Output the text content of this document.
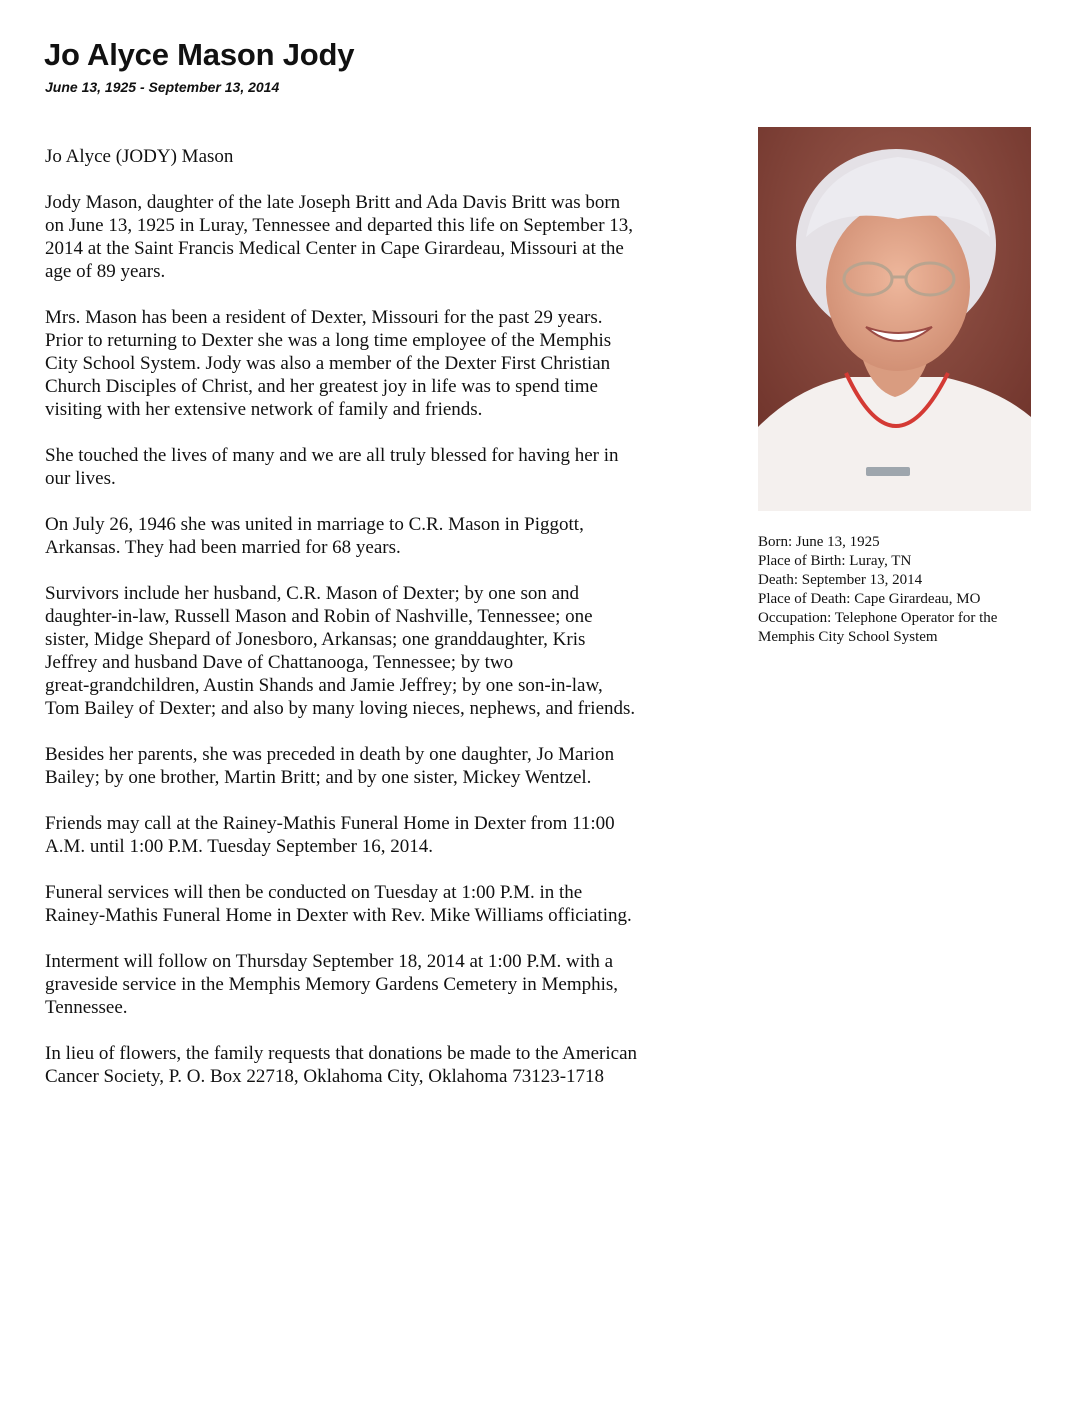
Jo Alyce Mason Jody
June 13, 1925 - September 13, 2014

Jo Alyce (JODY) Mason

Jody Mason, daughter of the late Joseph Britt and Ada Davis Britt was born
on June 13, 1925 in Luray, Tennessee and departed this life on September 13,
2014 at the Saint Francis Medical Center in Cape Girardeau, Missouri at the
age of 89 years.

Mrs. Mason has been a resident of Dexter, Missouri for the past 29 years.
Prior to returning to Dexter she was a long time employee of the Memphis
City School System. Jody was also a member of the Dexter First Christian
Church Disciples of Christ, and her greatest joy in life was to spend time
visiting with her extensive network of family and friends.

She touched the lives of many and we are all truly blessed for having her in
our lives.

On July 26, 1946 she was united in marriage to C.R. Mason in Piggott,
Arkansas. They had been married for 68 years.

Survivors include her husband, C.R. Mason of Dexter; by one son and
daughter-in-law, Russell Mason and Robin of Nashville, Tennessee; one
sister, Midge Shepard of Jonesboro, Arkansas; one granddaughter, Kris
Jeffrey and husband Dave of Chattanooga, Tennessee; by two
great-grandchildren, Austin Shands and Jamie Jeffrey; by one son-in-law,
Tom Bailey of Dexter; and also by many loving nieces, nephews, and friends.

Besides her parents, she was preceded in death by one daughter, Jo Marion
Bailey; by one brother, Martin Britt; and by one sister, Mickey Wentzel.

Friends may call at the Rainey-Mathis Funeral Home in Dexter from 11:00
A.M. until 1:00 P.M. Tuesday September 16, 2014.

Funeral services will then be conducted on Tuesday at 1:00 P.M. in the
Rainey-Mathis Funeral Home in Dexter with Rev. Mike Williams officiating.

Interment will follow on Thursday September 18, 2014 at 1:00 P.M. with a
graveside service in the Memphis Memory Gardens Cemetery in Memphis,
Tennessee.

In lieu of flowers, the family requests that donations be made to the American
Cancer Society, P. O. Box 22718, Oklahoma City, Oklahoma 73123-1718

Born: June 13, 1925
Place of Birth: Luray, TN
Death: September 13, 2014
Place of Death: Cape Girardeau, MO
Occupation: Telephone Operator for the
Memphis City School System
